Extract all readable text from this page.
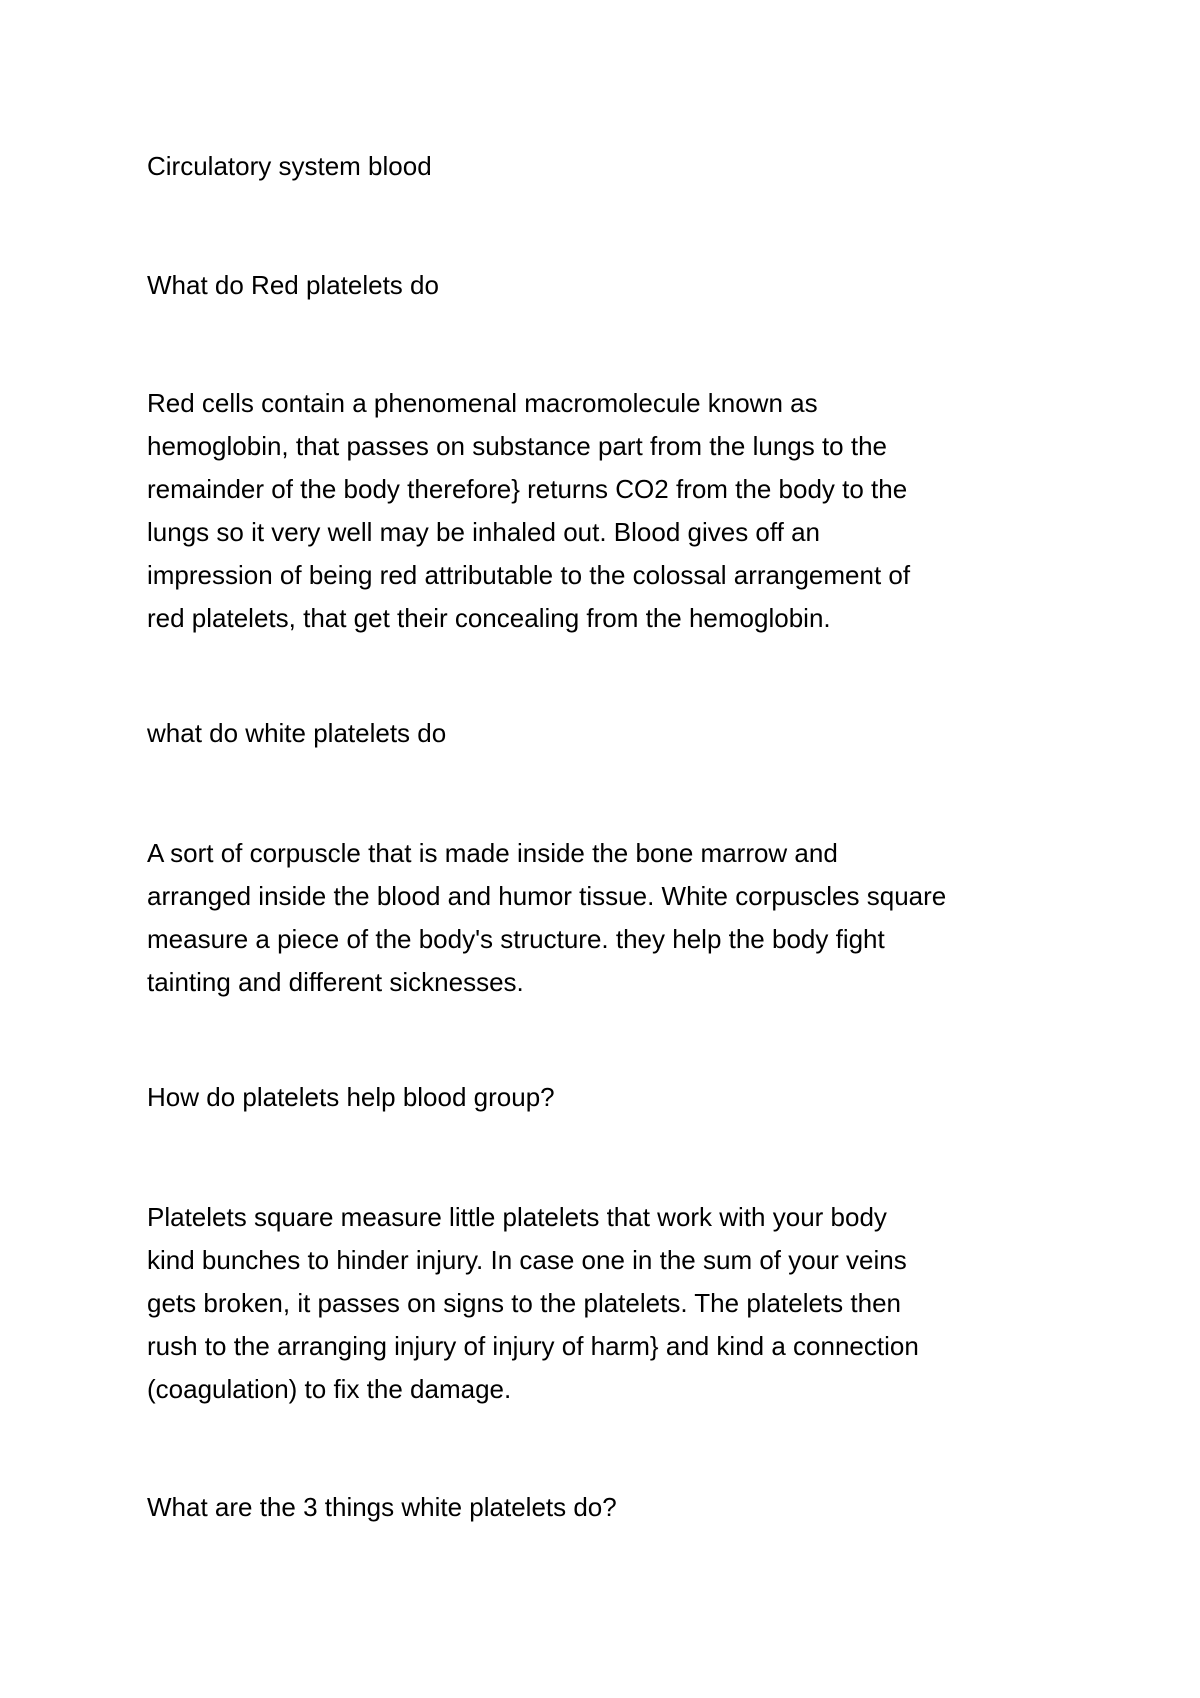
Circulatory system blood

What do Red platelets do

Red cells contain a phenomenal macromolecule known as
hemoglobin, that passes on substance part from the lungs to the
remainder of the body therefore} returns CO2 from the body to the
lungs so it very well may be inhaled out. Blood gives off an
impression of being red attributable to the colossal arrangement of
red platelets, that get their concealing from the hemoglobin.

what do white platelets do

A sort of corpuscle that is made inside the bone marrow and
arranged inside the blood and humor tissue. White corpuscles square
measure a piece of the body's structure. they help the body fight
tainting and different sicknesses.

How do platelets help blood group?

Platelets square measure little platelets that work with your body
kind bunches to hinder injury. In case one in the sum of your veins
gets broken, it passes on signs to the platelets. The platelets then
rush to the arranging injury of injury of harm} and kind a connection
(coagulation) to fix the damage.

What are the 3 things white platelets do?
